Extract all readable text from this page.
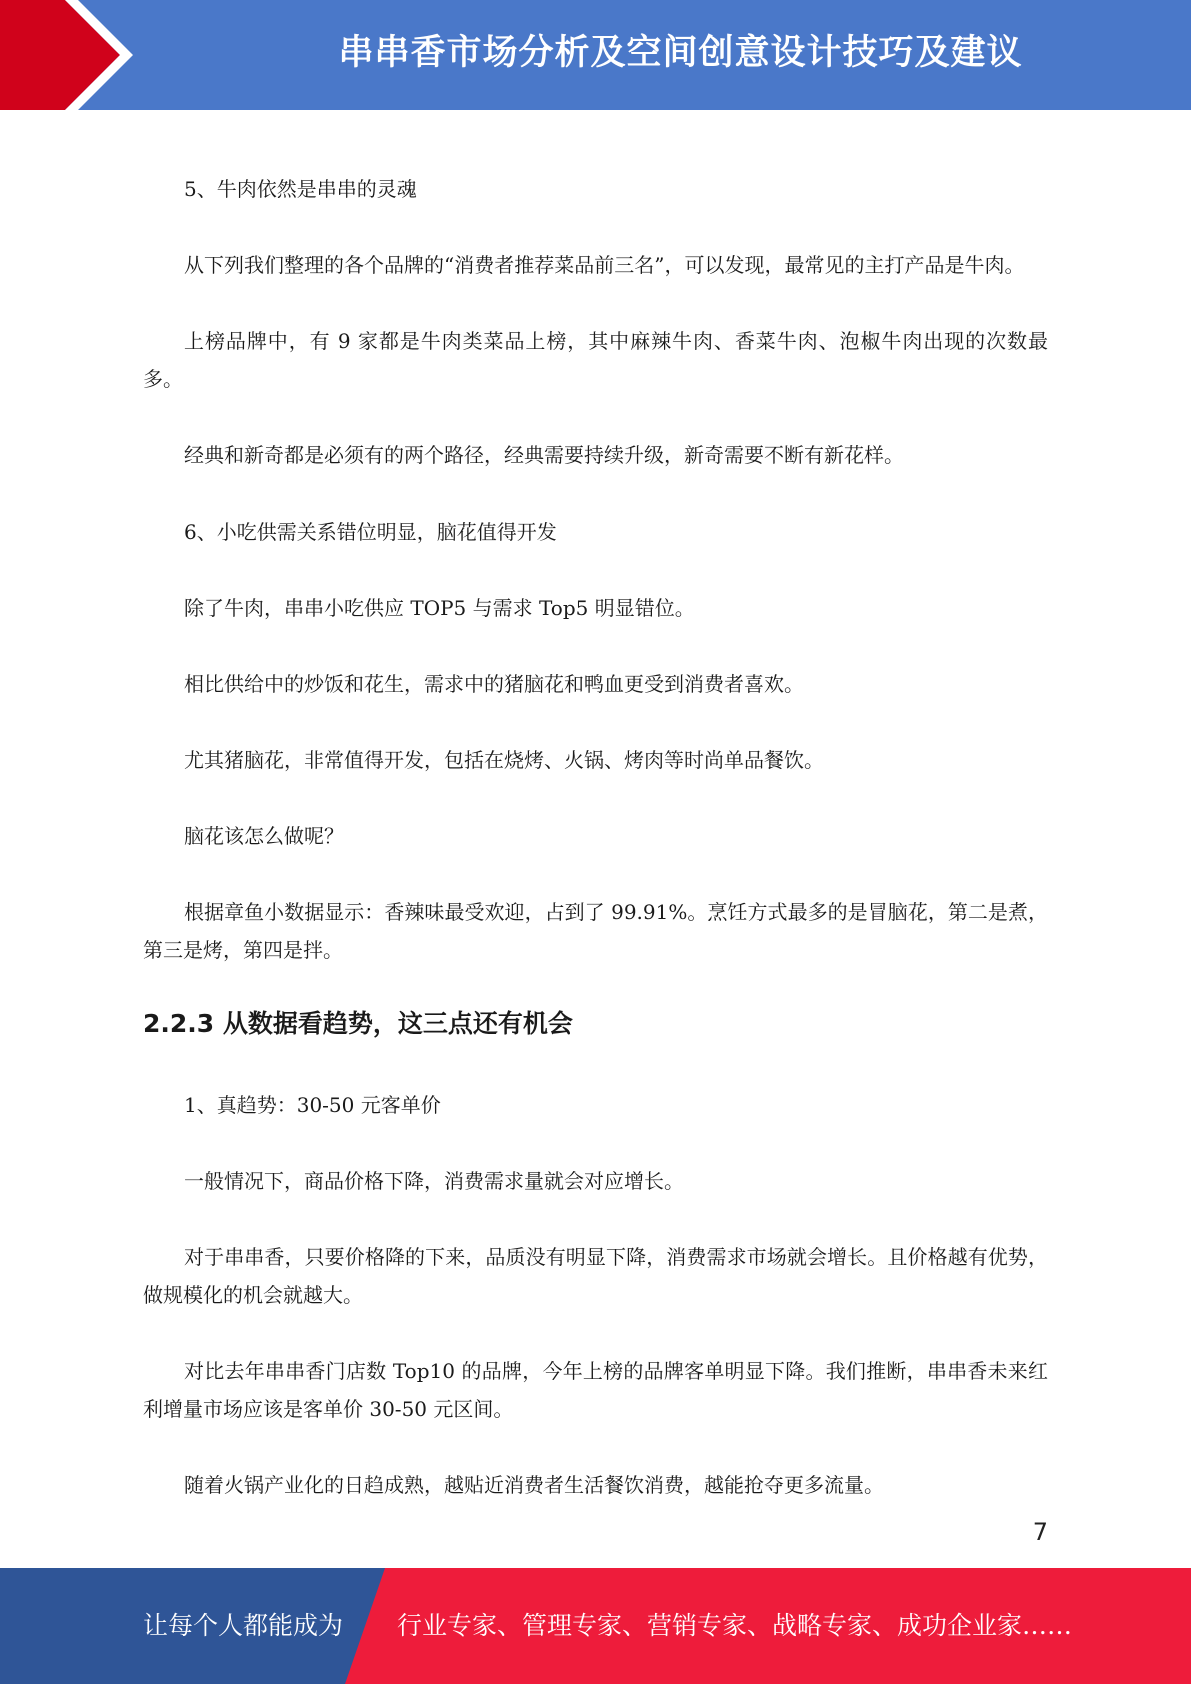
串串香市场分析及空间创意设计技巧及建议

5、牛肉依然是串串的灵魂

从下列我们整理的各个品牌的“消费者推荐菜品前三名”，可以发现，最常见的主打产品是牛肉。

上榜品牌中，有 9 家都是牛肉类菜品上榜，其中麻辣牛肉、香菜牛肉、泡椒牛肉出现的次数最多。

经典和新奇都是必须有的两个路径，经典需要持续升级，新奇需要不断有新花样。

6、小吃供需关系错位明显，脑花值得开发

除了牛肉，串串小吃供应 TOP5 与需求 Top5 明显错位。

相比供给中的炒饭和花生，需求中的猪脑花和鸭血更受到消费者喜欢。

尤其猪脑花，非常值得开发，包括在烧烤、火锅、烤肉等时尚单品餐饮。

脑花该怎么做呢？

根据章鱼小数据显示：香辣味最受欢迎，占到了 99.91%。烹饪方式最多的是冒脑花，第二是煮，第三是烤，第四是拌。

2.2.3 从数据看趋势，这三点还有机会

1、真趋势：30-50 元客单价

一般情况下，商品价格下降，消费需求量就会对应增长。

对于串串香，只要价格降的下来，品质没有明显下降，消费需求市场就会增长。且价格越有优势，做规模化的机会就越大。

对比去年串串香门店数 Top10 的品牌，今年上榜的品牌客单明显下降。我们推断，串串香未来红利增量市场应该是客单价 30-50 元区间。

随着火锅产业化的日趋成熟，越贴近消费者生活餐饮消费，越能抢夺更多流量。

7
让每个人都能成为 行业专家、管理专家、营销专家、战略专家、成功企业家……
